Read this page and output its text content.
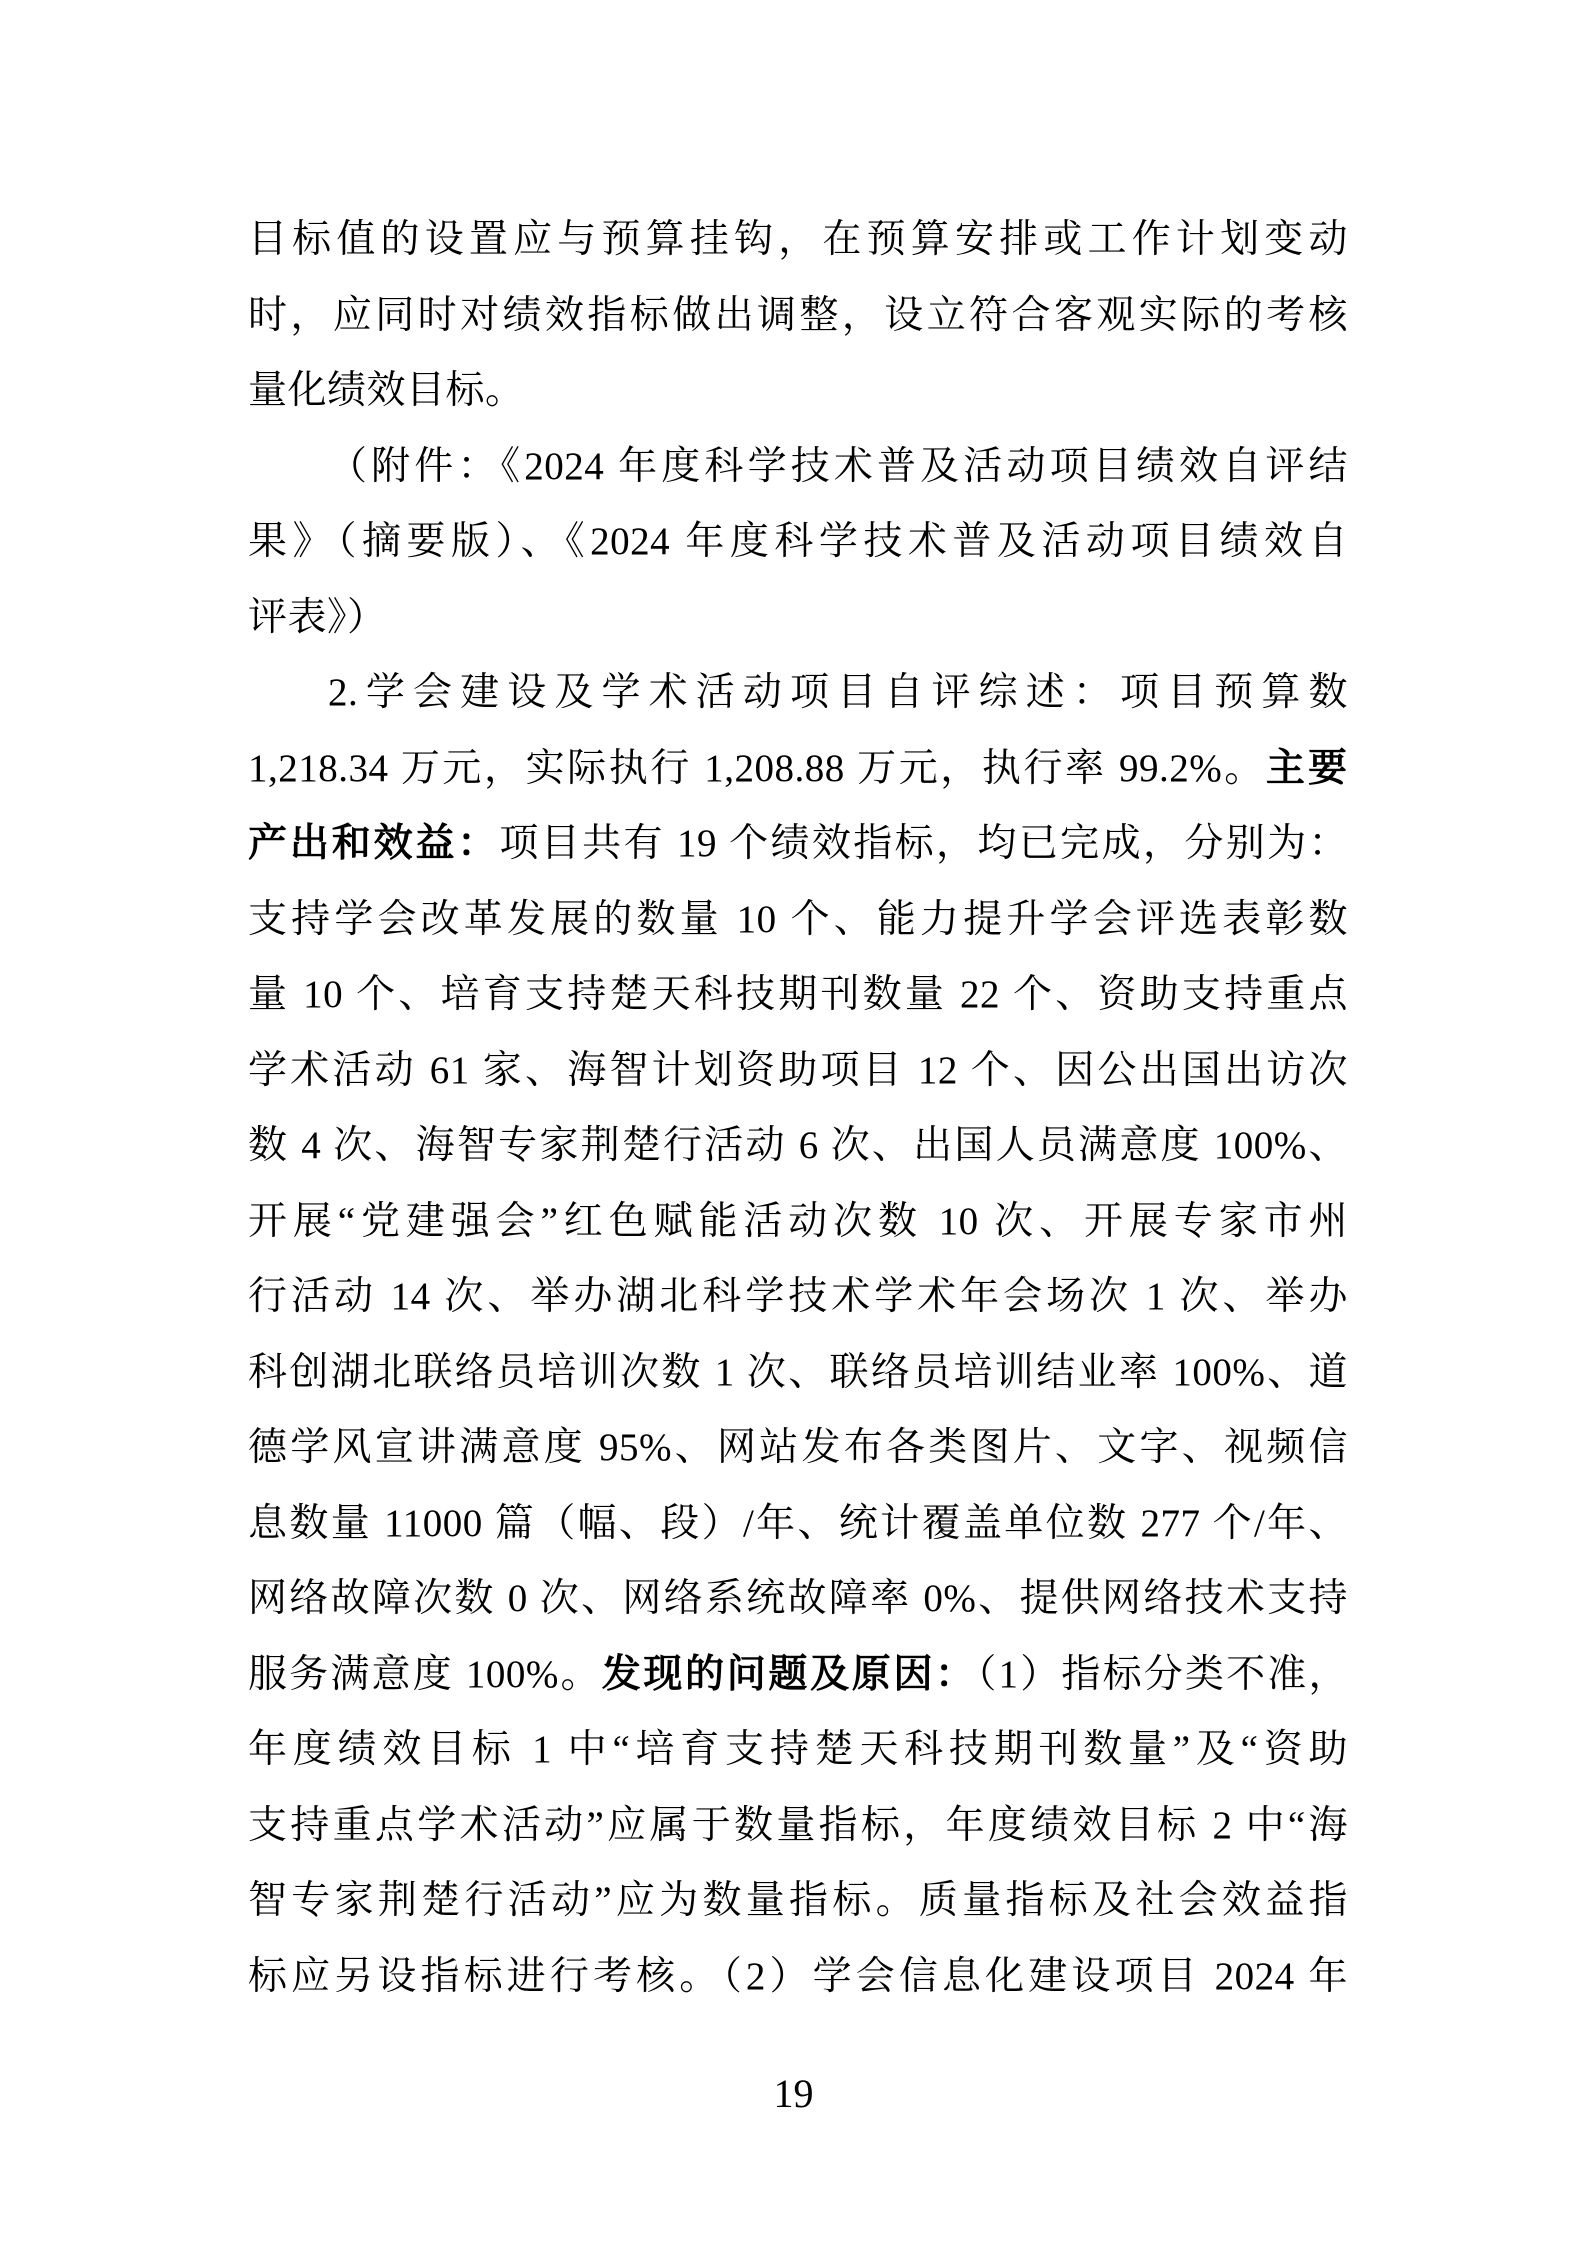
目标值的设置应与预算挂钩，在预算安排或工作计划变动
时，应同时对绩效指标做出调整，设立符合客观实际的考核
量化绩效目标。
（附件：《2024 年度科学技术普及活动项目绩效自评结
果》（摘要版）、《2024 年度科学技术普及活动项目绩效自
评表》）
2.学会建设及学术活动项目自评综述：项目预算数
1,218.34 万元，实际执行 1,208.88 万元，执行率 99.2%。主要
产出和效益：项目共有 19 个绩效指标，均已完成，分别为：
支持学会改革发展的数量 10 个、能力提升学会评选表彰数
量 10 个、培育支持楚天科技期刊数量 22 个、资助支持重点
学术活动 61 家、海智计划资助项目 12 个、因公出国出访次
数 4 次、海智专家荆楚行活动 6 次、出国人员满意度 100%、
开展“党建强会”红色赋能活动次数 10 次、开展专家市州
行活动 14 次、举办湖北科学技术学术年会场次 1 次、举办
科创湖北联络员培训次数 1 次、联络员培训结业率 100%、道
德学风宣讲满意度 95%、网站发布各类图片、文字、视频信
息数量 11000 篇（幅、段）/年、统计覆盖单位数 277 个/年、
网络故障次数 0 次、网络系统故障率 0%、提供网络技术支持
服务满意度 100%。发现的问题及原因：（1）指标分类不准，
年度绩效目标 1 中“培育支持楚天科技期刊数量”及“资助
支持重点学术活动”应属于数量指标，年度绩效目标 2 中“海
智专家荆楚行活动”应为数量指标。质量指标及社会效益指
标应另设指标进行考核。（2）学会信息化建设项目 2024 年
19
